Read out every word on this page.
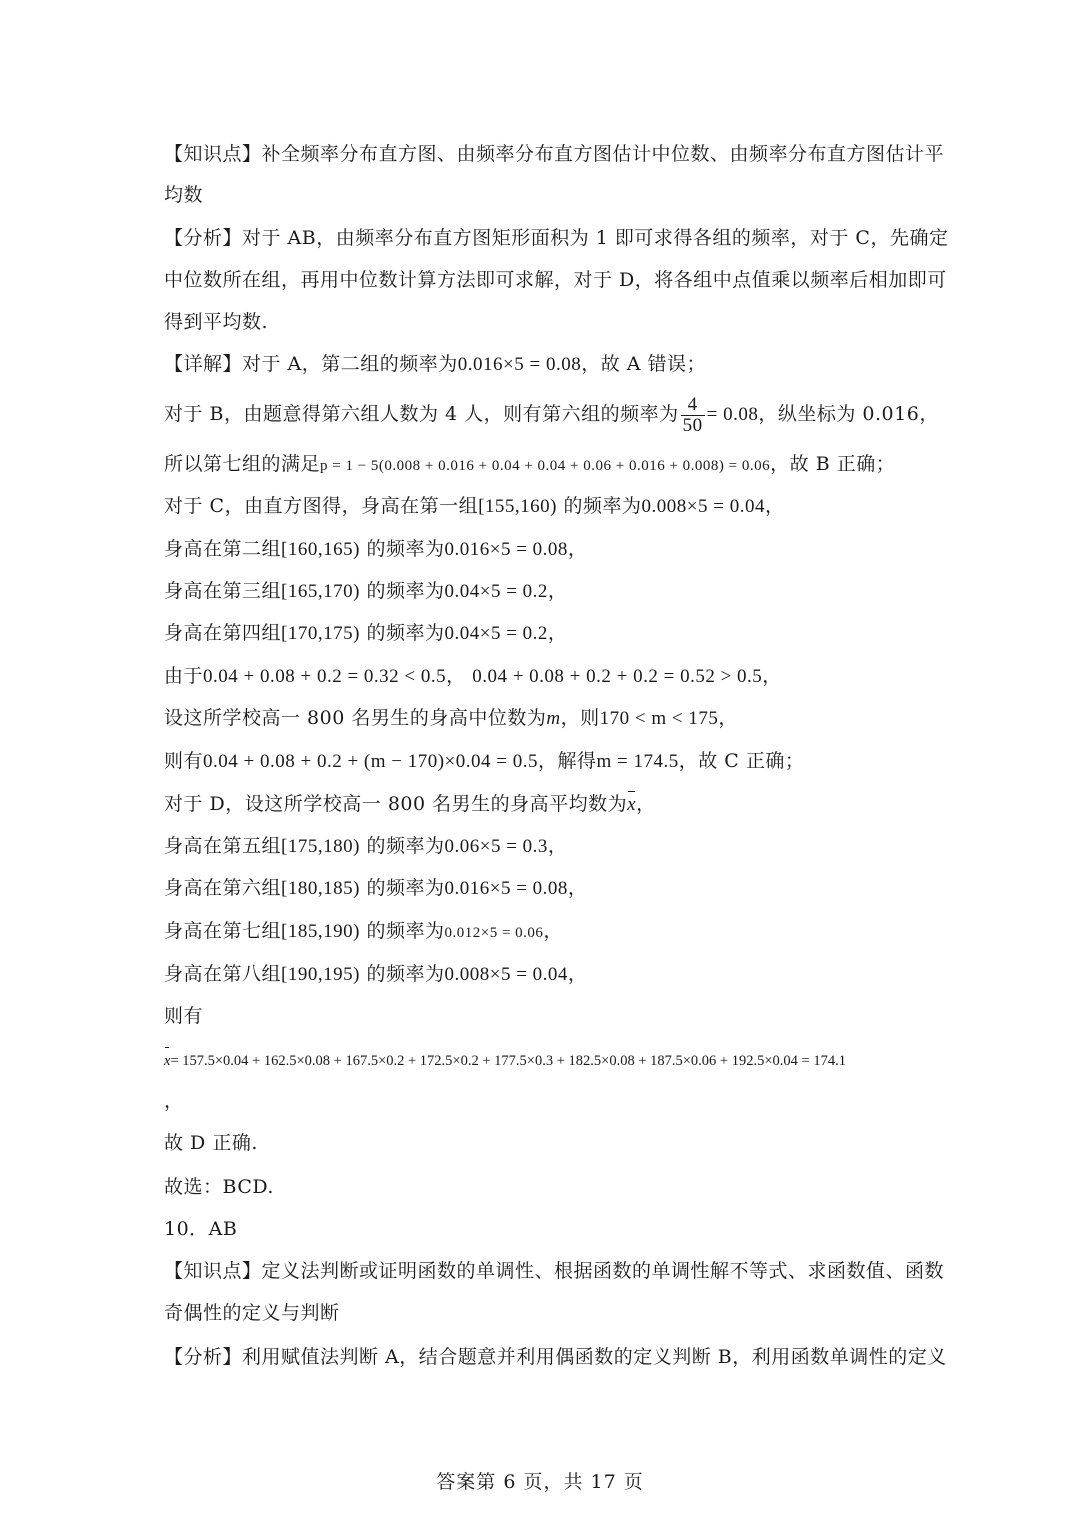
【知识点】补全频率分布直方图、由频率分布直方图估计中位数、由频率分布直方图估计平
均数
【分析】对于 AB，由频率分布直方图矩形面积为 1 即可求得各组的频率，对于 C，先确定
中位数所在组，再用中位数计算方法即可求解，对于 D，将各组中点值乘以频率后相加即可
得到平均数.
【详解】对于 A，第二组的频率为0.016×5 = 0.08，故 A 错误；
对于 B，由题意得第六组人数为 4 人，则有第六组的频率为 $\frac{4}{50} = 0.08$，纵坐标为 0.016，
所以第七组的满足p = 1 − 5(0.008 + 0.016 + 0.04 + 0.04 + 0.06 + 0.016 + 0.008) = 0.06，故 B 正确；
对于 C，由直方图得，身高在第一组[155,160) 的频率为0.008×5 = 0.04，
身高在第二组[160,165) 的频率为0.016×5 = 0.08，
身高在第三组[165,170) 的频率为0.04×5 = 0.2，
身高在第四组[170,175) 的频率为0.04×5 = 0.2，
由于0.04 + 0.08 + 0.2 = 0.32 < 0.5， 0.04 + 0.08 + 0.2 + 0.2 = 0.52 > 0.5，
设这所学校高一 800 名男生的身高中位数为m，则170 < m < 175，
则有0.04 + 0.08 + 0.2 + (m − 170)×0.04 = 0.5，解得m = 174.5，故 C 正确；
对于 D，设这所学校高一 800 名男生的身高平均数为x，
身高在第五组[175,180) 的频率为0.06×5 = 0.3，
身高在第六组[180,185) 的频率为0.016×5 = 0.08，
身高在第七组[185,190) 的频率为0.012×5 = 0.06，
身高在第八组[190,195) 的频率为0.008×5 = 0.04，
则有
x= 157.5×0.04 + 162.5×0.08 + 167.5×0.2 + 172.5×0.2 + 177.5×0.3 + 182.5×0.08 + 187.5×0.06 + 192.5×0.04 = 174.1
，
故 D 正确.
故选：BCD.
10．AB
【知识点】定义法判断或证明函数的单调性、根据函数的单调性解不等式、求函数值、函数
奇偶性的定义与判断
【分析】利用赋值法判断 A，结合题意并利用偶函数的定义判断 B，利用函数单调性的定义
答案第 6 页，共 17 页
